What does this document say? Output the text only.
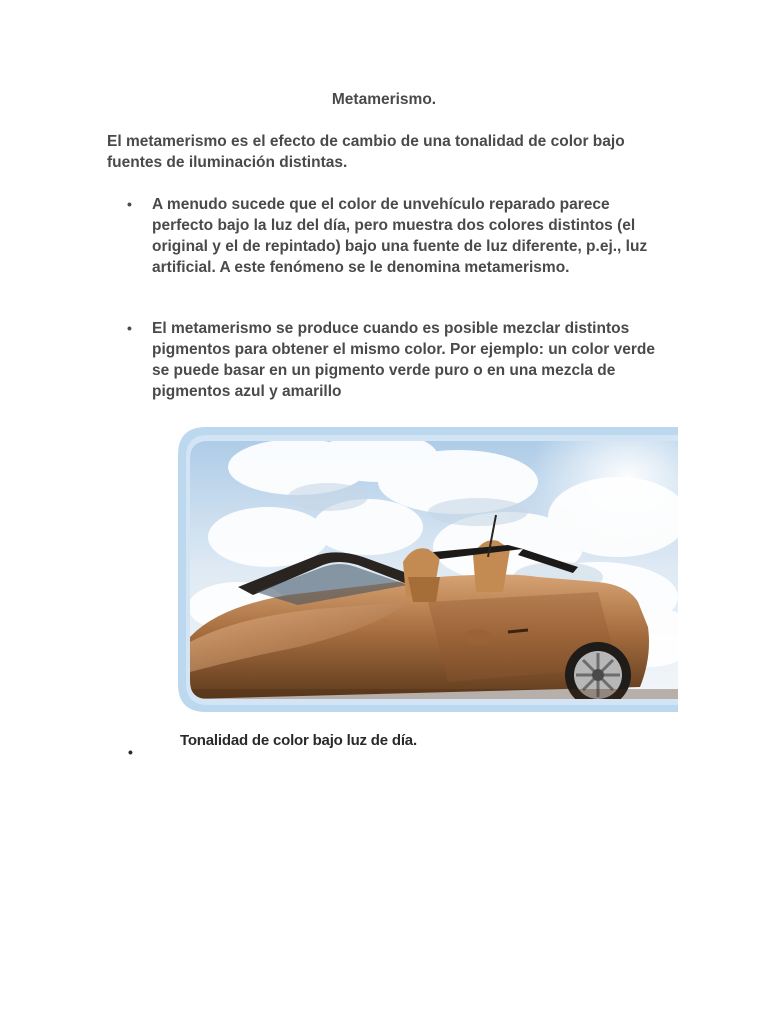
Metamerismo.
El metamerismo es el efecto de cambio de una tonalidad de color bajo fuentes de iluminación distintas.
• A menudo sucede que el color de unvehículo reparado parece perfecto bajo la luz del día, pero muestra dos colores distintos (el original y el de repintado) bajo una fuente de luz diferente, p.ej., luz artificial. A este fenómeno se le denomina metamerismo.
• El metamerismo se produce cuando es posible mezclar distintos pigmentos para obtener el mismo color. Por ejemplo: un color verde se puede basar en un pigmento verde puro o en una mezcla de pigmentos azul y amarillo
Tonalidad de color bajo luz de día.
•
